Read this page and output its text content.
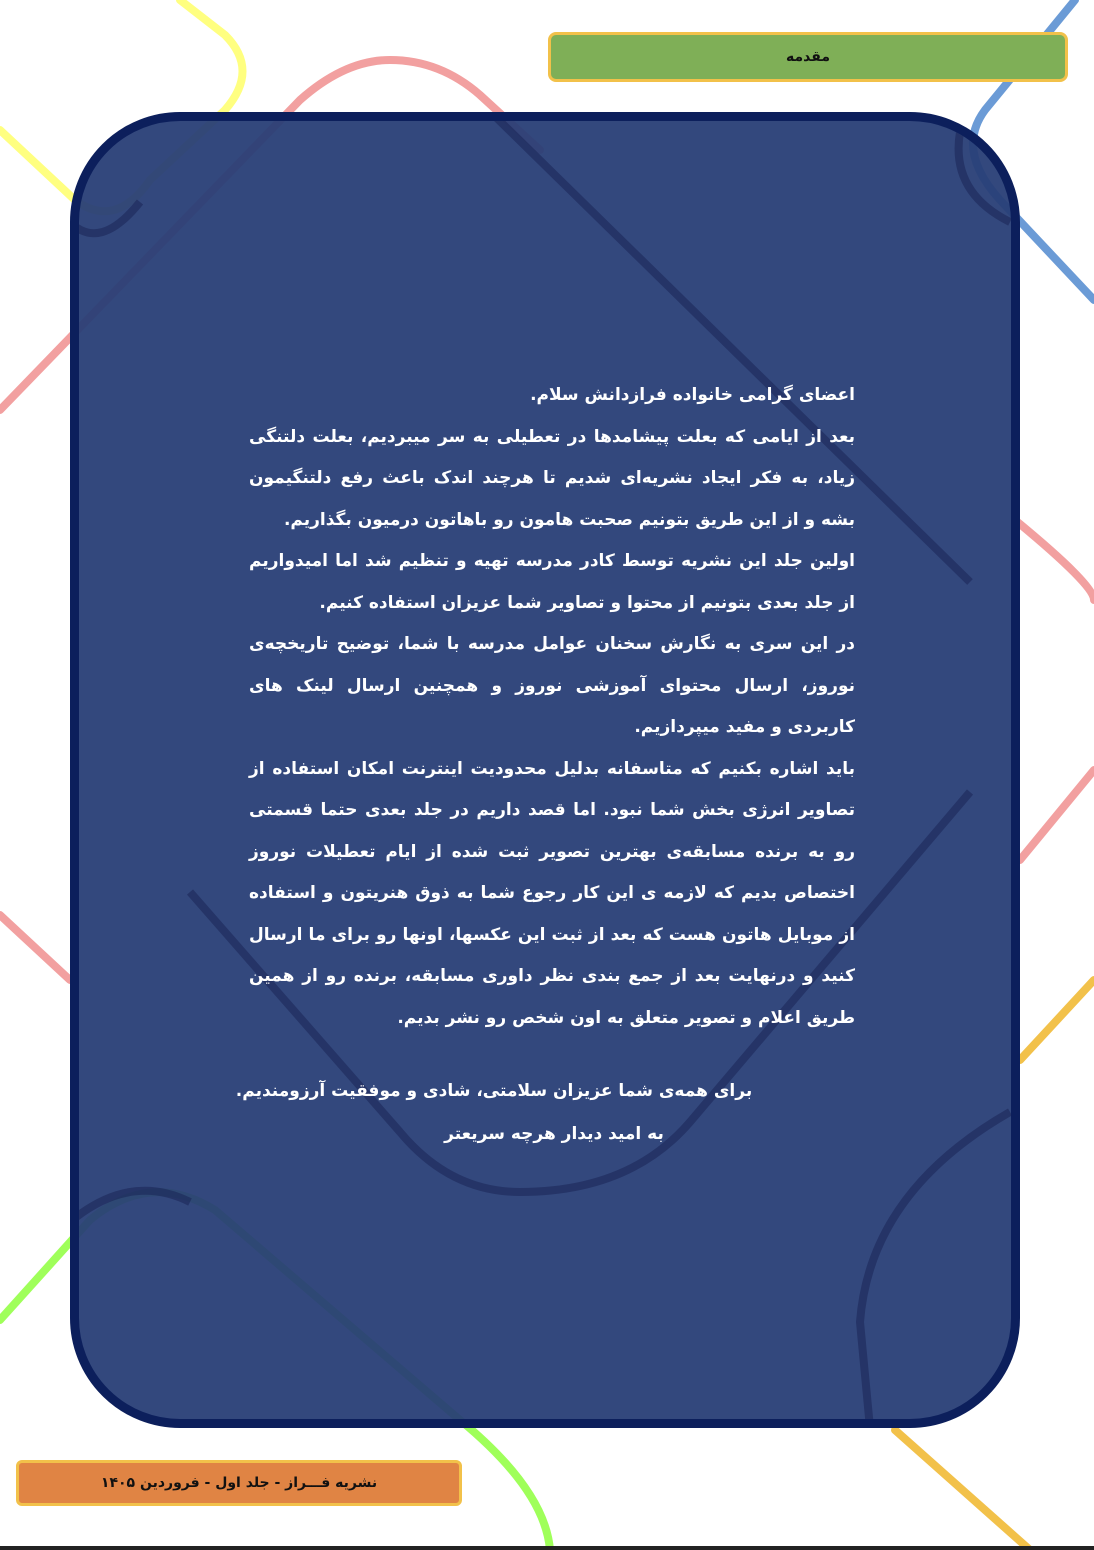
مقدمه

اعضای گرامی خانواده فرازدانش سلام.

بعد از ایامی که بعلت پیشامدها در تعطیلی به سر میبردیم، بعلت دلتنگی زیاد، به فکر ایجاد نشریه‌ای شدیم تا هرچند اندک باعث رفع دلتنگیمون بشه و از این طریق بتونیم صحبت هامون رو باهاتون درمیون بگذاریم.

اولین جلد این نشریه توسط کادر مدرسه تهیه و تنظیم شد اما امیدواریم از جلد بعدی بتونیم از محتوا و تصاویر شما عزیزان استفاده کنیم.

در این سری به نگارش سخنان عوامل مدرسه با شما، توضیح تاریخچه‌ی نوروز، ارسال محتوای آموزشی نوروز و همچنین ارسال لینک های کاربردی و مفید میپردازیم.

باید اشاره بکنیم که متاسفانه بدلیل محدودیت اینترنت امکان استفاده از تصاویر انرژی بخش شما نبود. اما قصد داریم در جلد بعدی حتما قسمتی رو به برنده مسابقه‌ی بهترین تصویر ثبت شده از ایام تعطیلات نوروز اختصاص بدیم که لازمه ی این کار رجوع شما به ذوق هنریتون و استفاده از موبایل هاتون هست که بعد از ثبت این عکسها، اونها رو برای ما ارسال کنید و درنهایت بعد از جمع بندی نظر داوری مسابقه، برنده رو از همین طریق اعلام و تصویر متعلق به اون شخص رو نشر بدیم.

برای همه‌ی شما عزیزان سلامتی، شادی و موفقیت آرزومندیم.
به امید دیدار هرچه سریعتر
نشریه فـــراز - جلد اول - فروردین ۱۴۰۵
